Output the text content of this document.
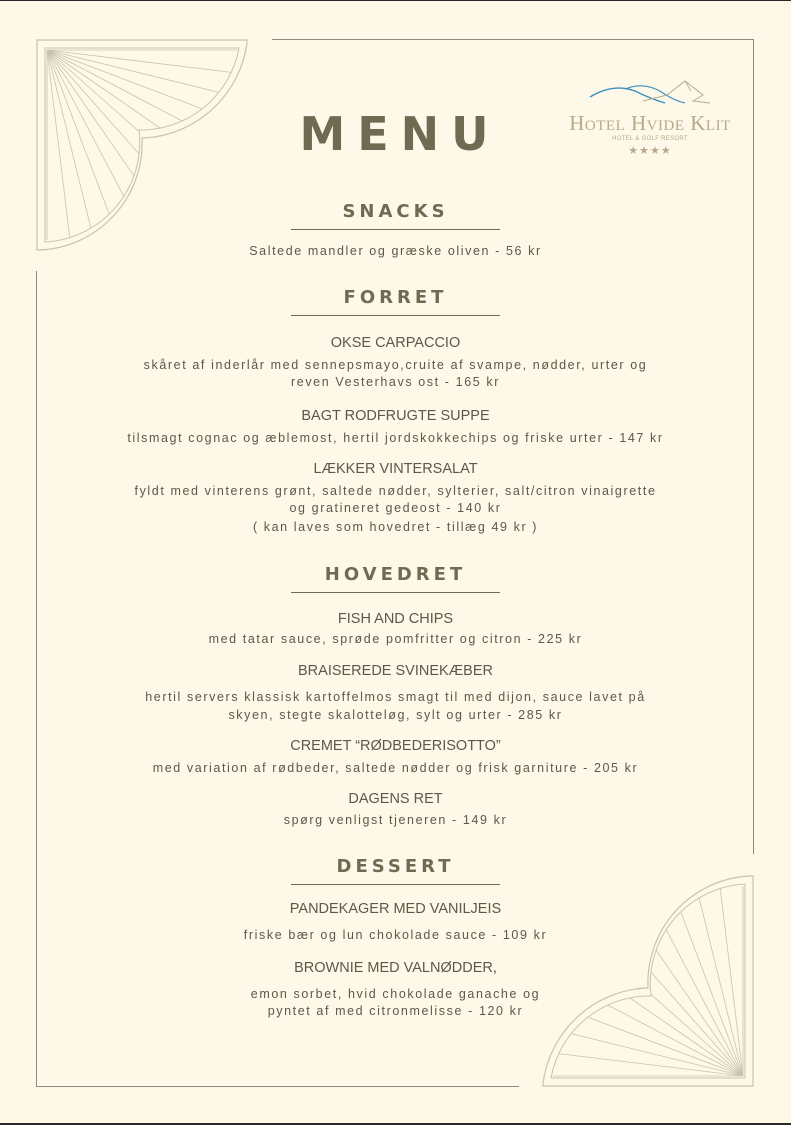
Hotel Hvide Klit
HOTEL & GOLF RESORT
★★★★
MENU
SNACKS
Saltede mandler og græske oliven - 56 kr
FORRET
OKSE CARPACCIO
skåret af inderlår med sennepsmayo,cruite af svampe, nødder, urter og
reven Vesterhavs ost - 165 kr
BAGT RODFRUGTE SUPPE
tilsmagt cognac og æblemost, hertil jordskokkechips og friske urter - 147 kr
LÆKKER VINTERSALAT
fyldt med vinterens grønt, saltede nødder, sylterier, salt/citron vinaigrette
og gratineret gedeost - 140 kr
( kan laves som hovedret - tillæg 49 kr )
HOVEDRET
FISH AND CHIPS
med tatar sauce, sprøde pomfritter og citron - 225 kr
BRAISEREDE SVINEKÆBER
hertil servers klassisk kartoffelmos smagt til med dijon, sauce lavet på
skyen, stegte skalotteløg, sylt og urter - 285 kr
CREMET “RØDBEDERISOTTO”
med variation af rødbeder, saltede nødder og frisk garniture - 205 kr
DAGENS RET
spørg venligst tjeneren - 149 kr
DESSERT
PANDEKAGER MED VANILJEIS
friske bær og lun chokolade sauce - 109 kr
BROWNIE MED VALNØDDER,
emon sorbet, hvid chokolade ganache og
pyntet af med citronmelisse - 120 kr
